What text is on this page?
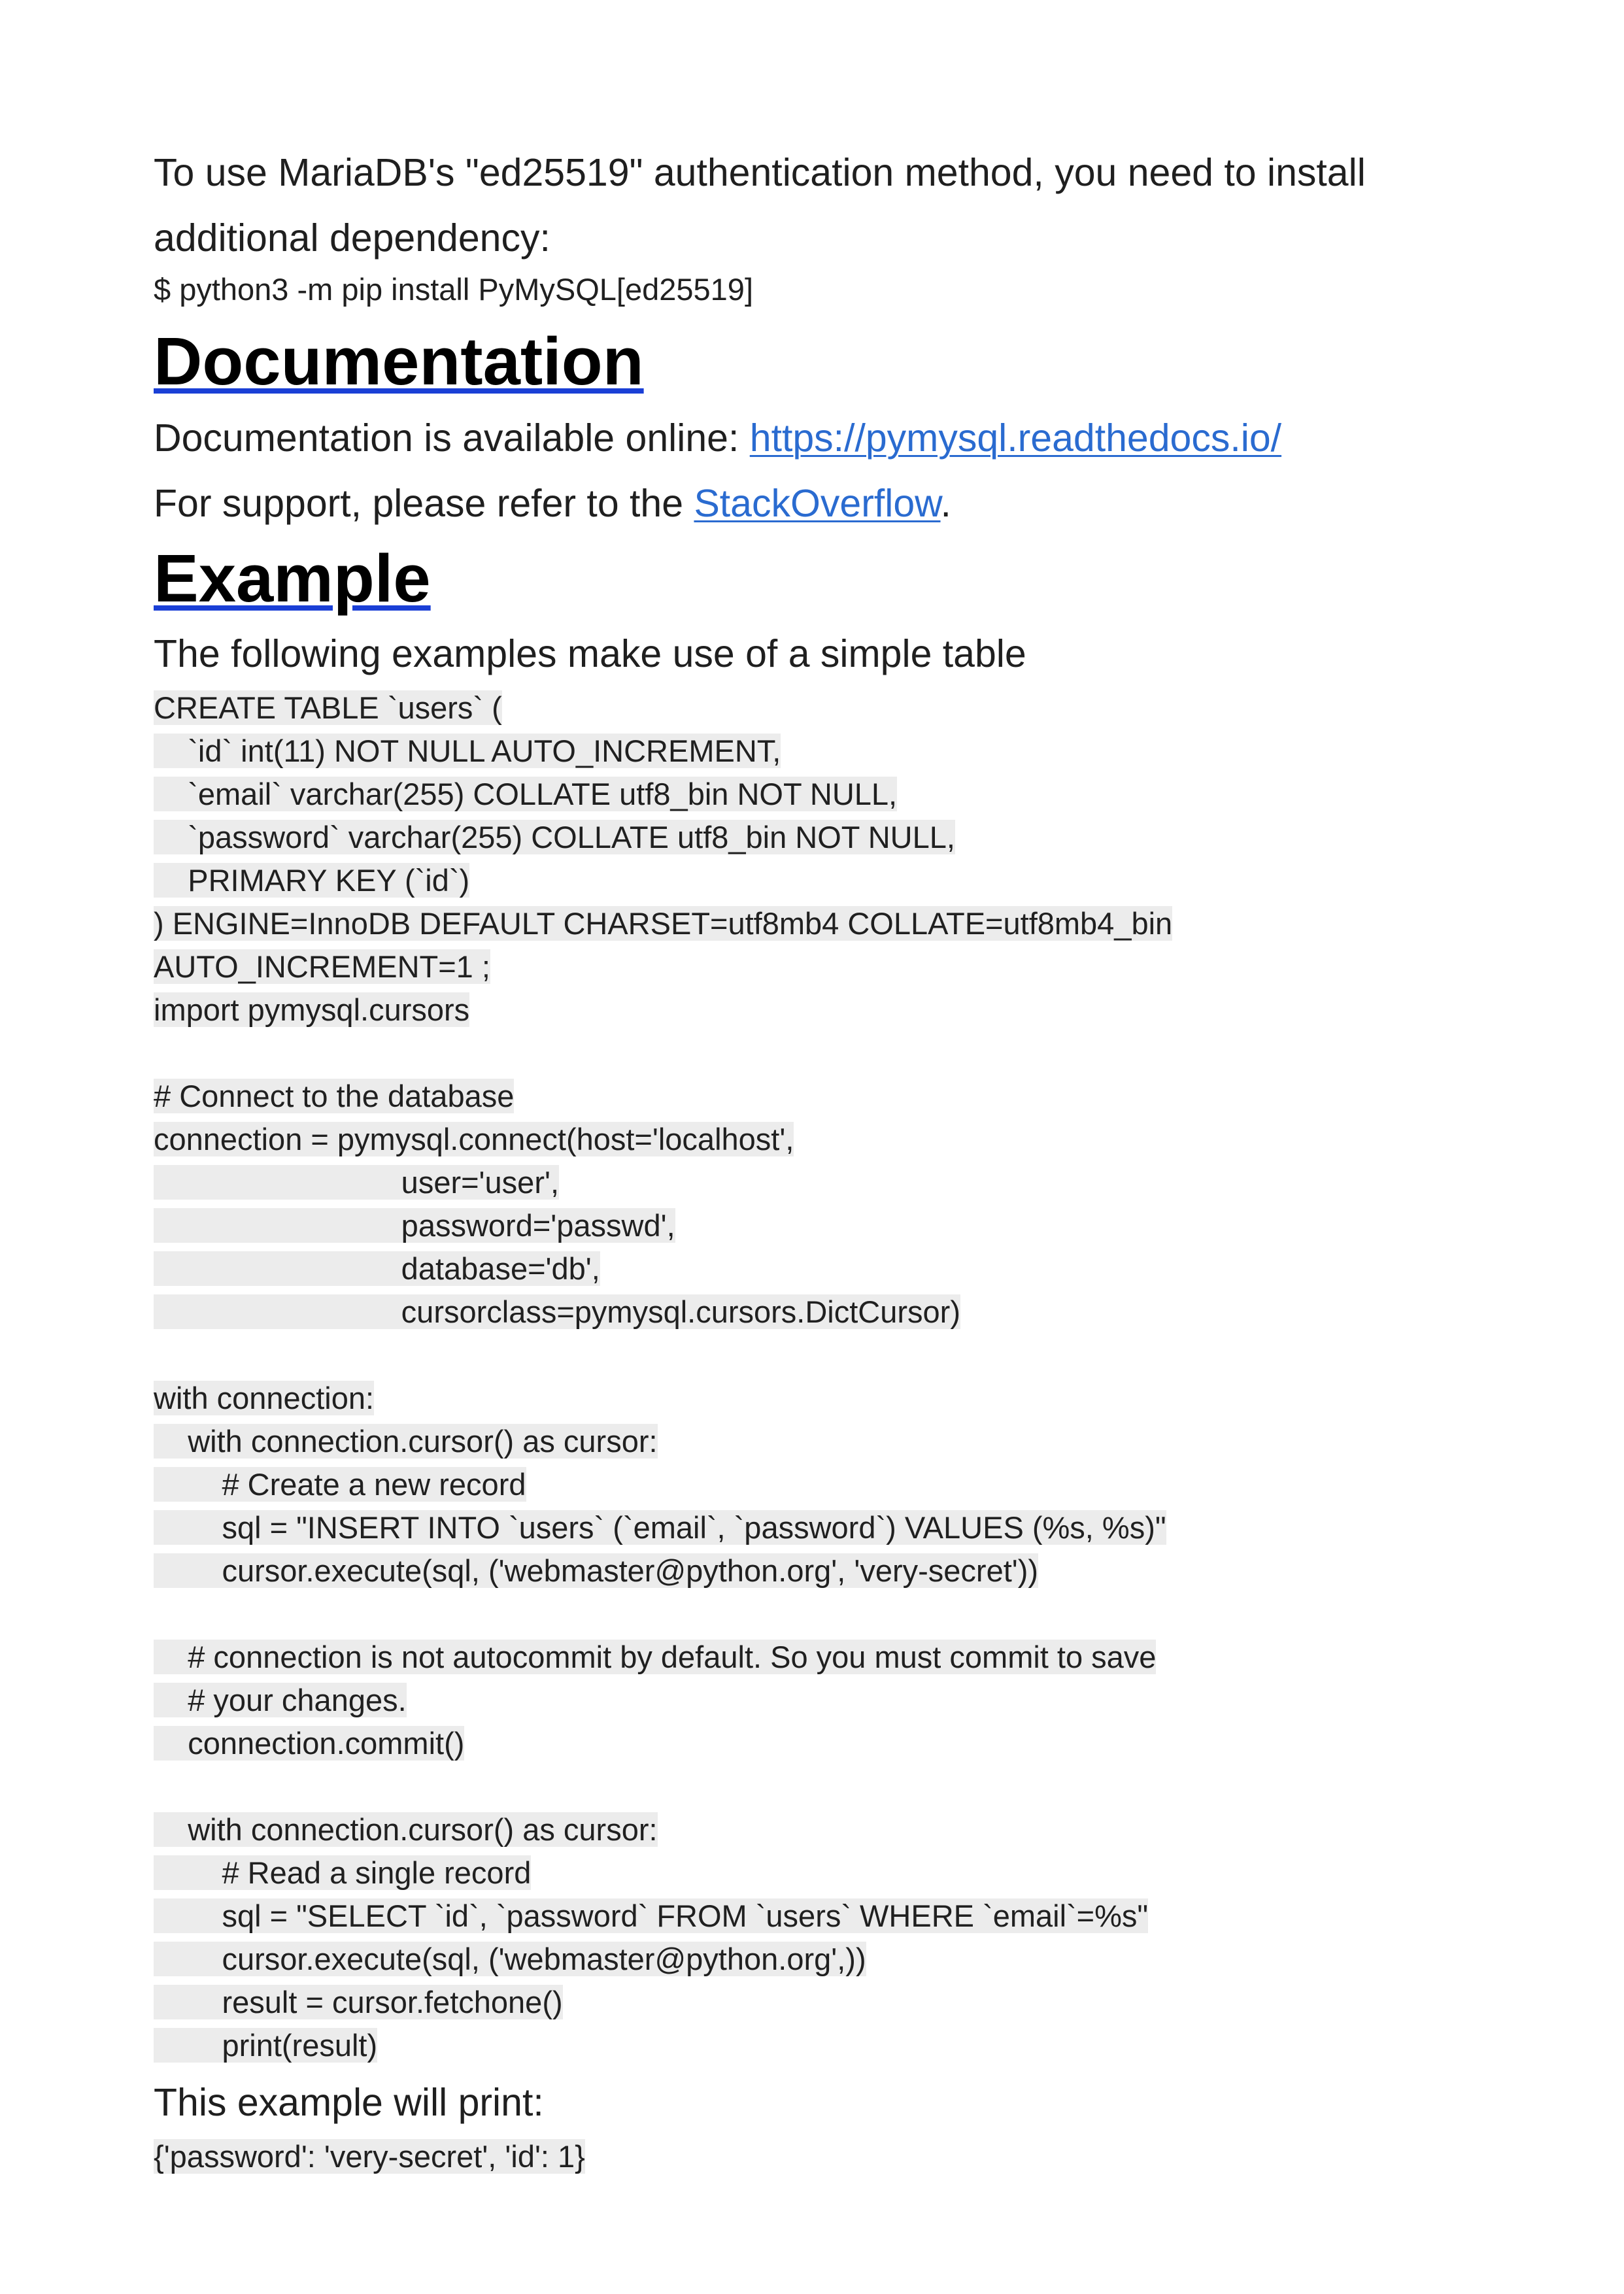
To use MariaDB's "ed25519" authentication method, you need to install

additional dependency:

$ python3 -m pip install PyMySQL[ed25519]
Documentation

Documentation is available online: https://pymysql.readthedocs.io/

For support, please refer to the StackOverflow.

Example

The following examples make use of a simple table

CREATE TABLE `users` (
`id` int(11) NOT NULL AUTO_INCREMENT,
`email` varchar(255) COLLATE utf8_bin NOT NULL,
`password` varchar(255) COLLATE utf8_bin NOT NULL,
PRIMARY KEY (`id`)
) ENGINE=InnoDB DEFAULT CHARSET=utf8mb4 COLLATE=utf8mb4_bin
AUTO_INCREMENT=1 ;
import pymysql.cursors
# Connect to the database
connection = pymysql.connect(host='localhost',
user='user',
password='passwd',
database='db',
cursorclass=pymysql.cursors.DictCursor)
with connection:
with connection.cursor() as cursor:
# Create a new record
sql = "INSERT INTO `users` (`email`, `password`) VALUES (%s, %s)"
cursor.execute(sql, ('webmaster@python.org', 'very-secret'))
# connection is not autocommit by default. So you must commit to save
# your changes.
connection.commit()
with connection.cursor() as cursor:
# Read a single record
sql = "SELECT `id`, `password` FROM `users` WHERE `email`=%s"
cursor.execute(sql, ('webmaster@python.org',))
result = cursor.fetchone()
print(result)

This example will print:

{'password': 'very-secret', 'id': 1}
